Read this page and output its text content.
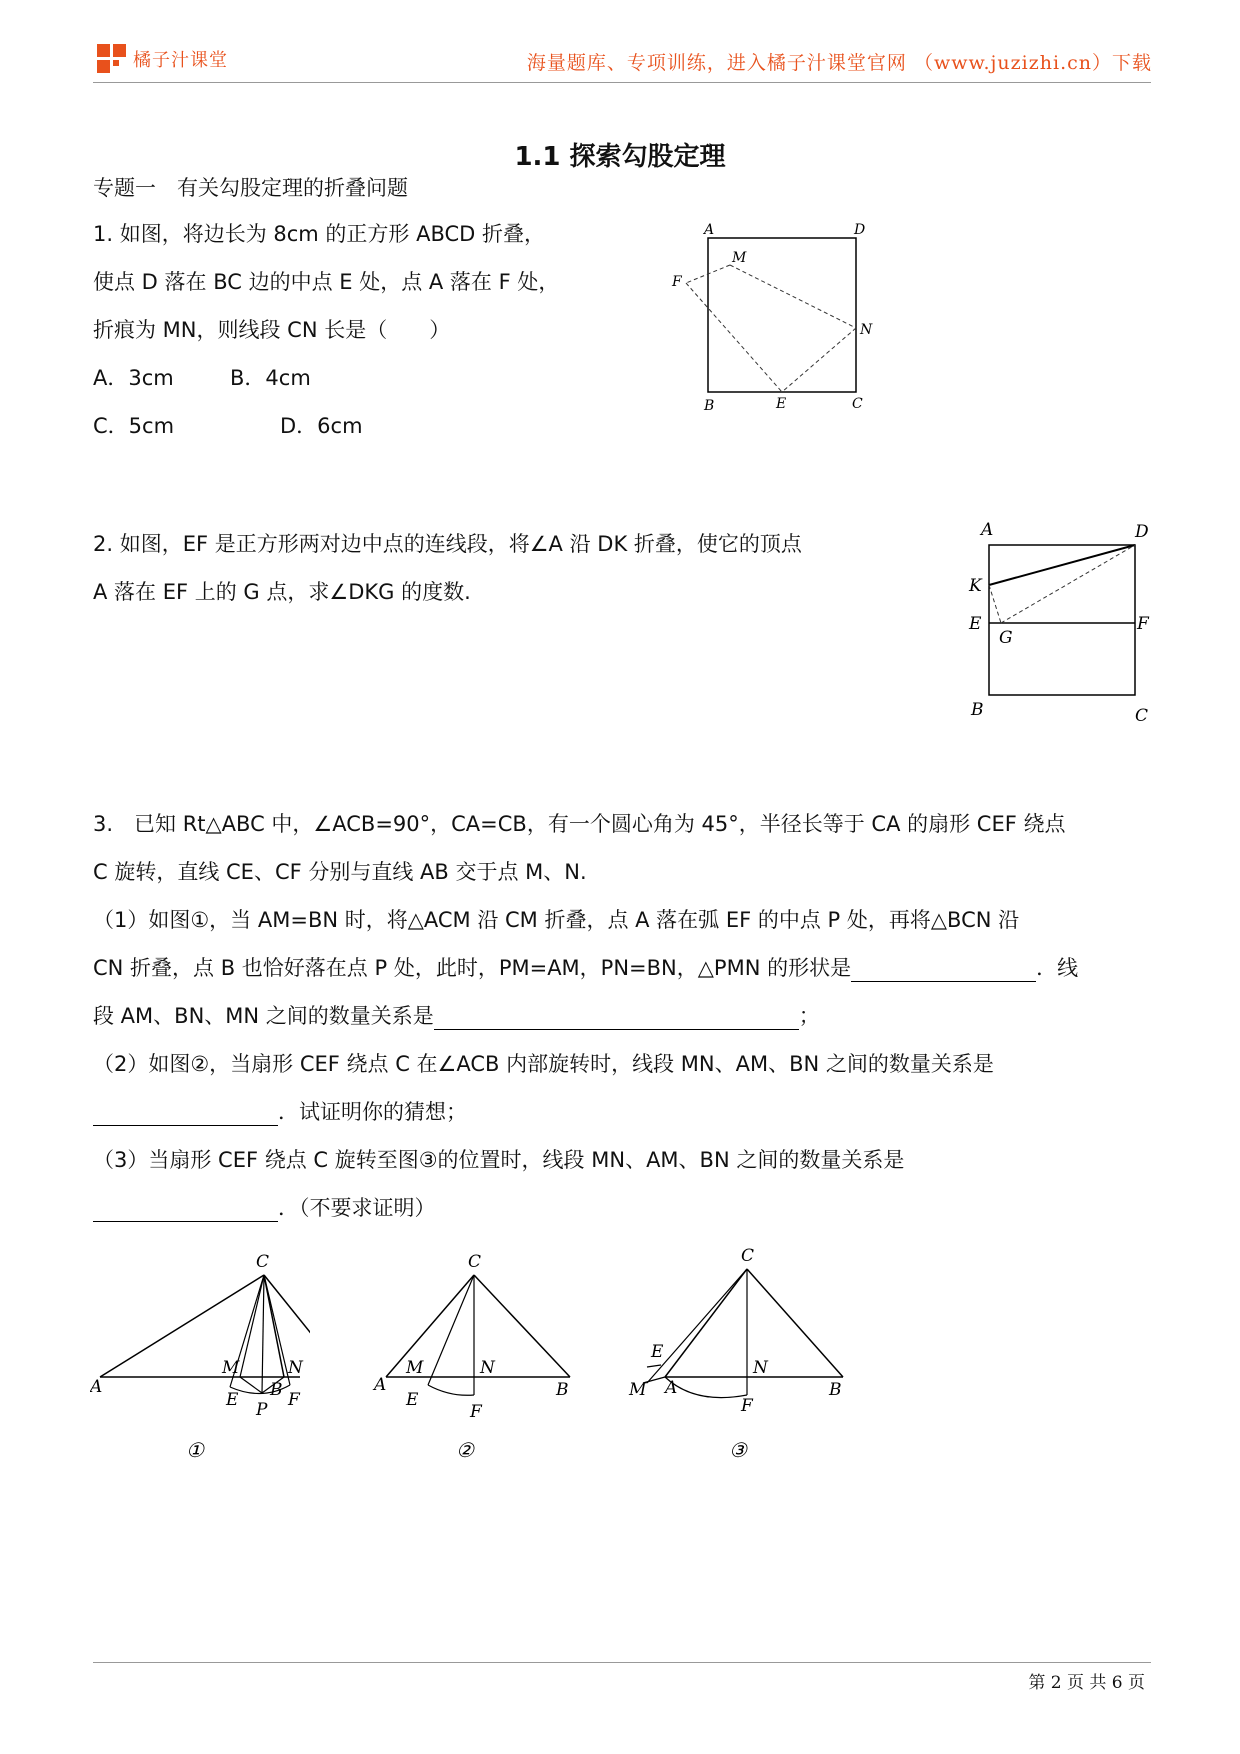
橘子汁课堂	海量题库、专项训练，进入橘子汁课堂官网 （www.juzizhi.cn）下载
1.1 探索勾股定理
专题一　有关勾股定理的折叠问题
1. 如图，将边长为 8cm 的正方形 ABCD 折叠，
使点 D 落在 BC 边的中点 E 处，点 A 落在 F 处，
折痕为 MN，则线段 CN 长是（　　）
A．3cm	B．4cm
C．5cm	D．6cm
A	D
M
F
N
B	E	C
2. 如图，EF 是正方形两对边中点的连线段，将∠A 沿 DK 折叠，使它的顶点
A 落在 EF 上的 G 点，求∠DKG 的度数.
A	D
K
E	F
G
B	C
3.　已知 Rt△ABC 中，∠ACB=90°，CA=CB，有一个圆心角为 45°，半径长等于 CA 的扇形 CEF 绕点
C 旋转，直线 CE、CF 分别与直线 AB 交于点 M、N.
（1）如图①，当 AM=BN 时，将△ACM 沿 CM 折叠，点 A 落在弧 EF 的中点 P 处，再将△BCN 沿
CN 折叠，点 B 也恰好落在点 P 处，此时，PM=AM，PN=BN，△PMN 的形状是	．线
段 AM、BN、MN 之间的数量关系是	；
（2）如图②，当扇形 CEF 绕点 C 在∠ACB 内部旋转时，线段 MN、AM、BN 之间的数量关系是
．试证明你的猜想；
（3）当扇形 CEF 绕点 C 旋转至图③的位置时，线段 MN、AM、BN 之间的数量关系是
．（不要求证明）
C
M	N
A
E P F
①
B
C
M	N
A
E
F
B
②
C
E
N
M A
F
B
③
第 2 页 共 6 页
